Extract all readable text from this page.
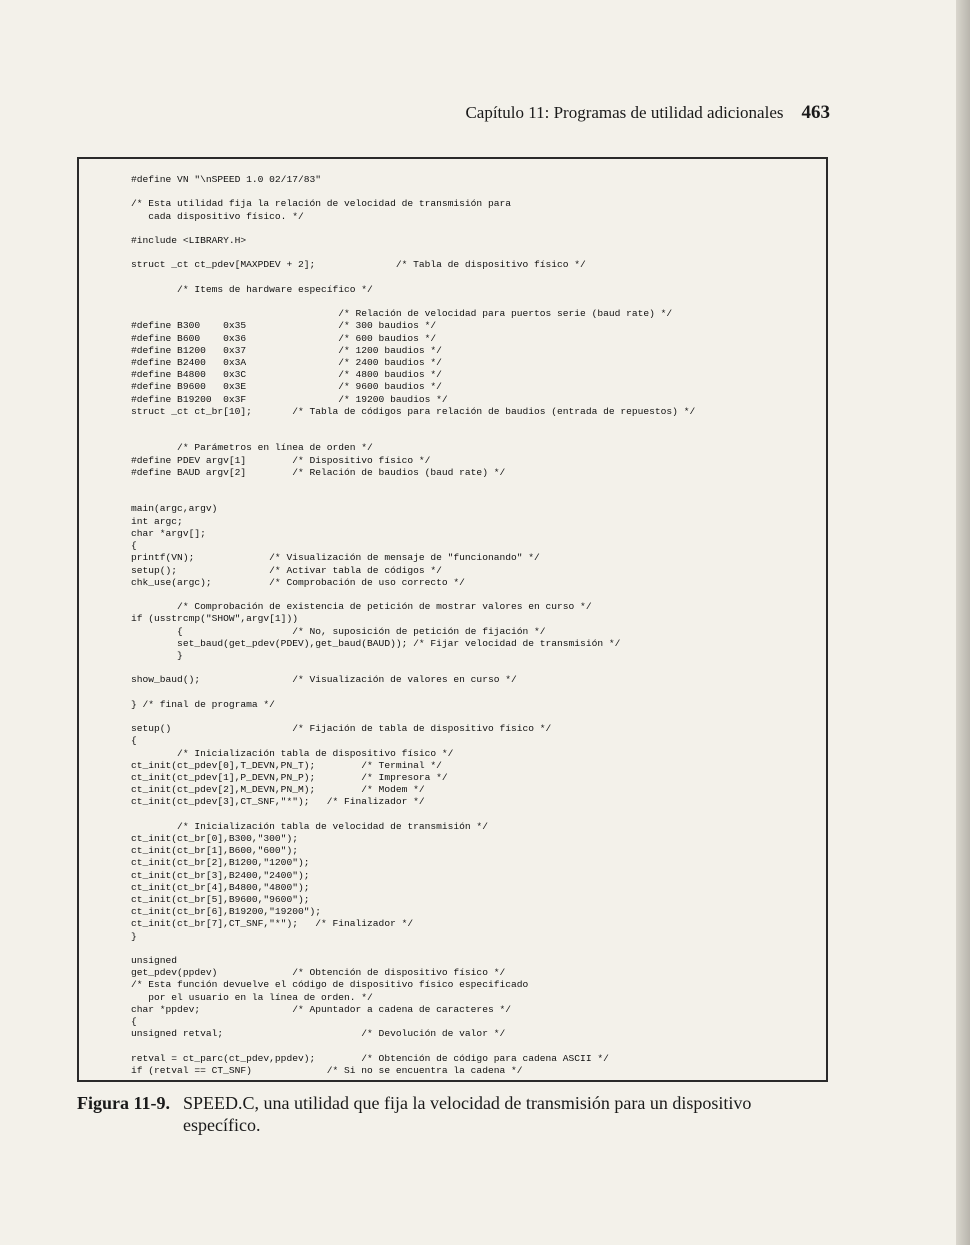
Capítulo 11: Programas de utilidad adicionales 463
#define VN "\nSPEED 1.0 02/17/83"

/* Esta utilidad fija la relación de velocidad de transmisión para
cada dispositivo físico. */

#include <LIBRARY.H>

struct _ct ct_pdev[MAXPDEV + 2];              /* Tabla de dispositivo físico */

/* Items de hardware específico */

/* Relación de velocidad para puertos serie (baud rate) */
#define B300    0x35                /* 300 baudios */
#define B600    0x36                /* 600 baudios */
#define B1200   0x37                /* 1200 baudios */
#define B2400   0x3A                /* 2400 baudios */
#define B4800   0x3C                /* 4800 baudios */
#define B9600   0x3E                /* 9600 baudios */
#define B19200  0x3F                /* 19200 baudios */
struct _ct ct_br[10];       /* Tabla de códigos para relación de baudios (entrada de repuestos) */

/* Parámetros en línea de orden */
#define PDEV argv[1]        /* Dispositivo físico */
#define BAUD argv[2]        /* Relación de baudios (baud rate) */

main(argc,argv)
int argc;
char *argv[];
{
printf(VN);             /* Visualización de mensaje de "funcionando" */
setup();                /* Activar tabla de códigos */
chk_use(argc);          /* Comprobación de uso correcto */

/* Comprobación de existencia de petición de mostrar valores en curso */
if (usstrcmp("SHOW",argv[1]))
{                   /* No, suposición de petición de fijación */
set_baud(get_pdev(PDEV),get_baud(BAUD)); /* Fijar velocidad de transmisión */
}

show_baud();                /* Visualización de valores en curso */

} /* final de programa */

setup()                     /* Fijación de tabla de dispositivo físico */
{
/* Inicialización tabla de dispositivo físico */
ct_init(ct_pdev[0],T_DEVN,PN_T);        /* Terminal */
ct_init(ct_pdev[1],P_DEVN,PN_P);        /* Impresora */
ct_init(ct_pdev[2],M_DEVN,PN_M);        /* Modem */
ct_init(ct_pdev[3],CT_SNF,"*");   /* Finalizador */

/* Inicialización tabla de velocidad de transmisión */
ct_init(ct_br[0],B300,"300");
ct_init(ct_br[1],B600,"600");
ct_init(ct_br[2],B1200,"1200");
ct_init(ct_br[3],B2400,"2400");
ct_init(ct_br[4],B4800,"4800");
ct_init(ct_br[5],B9600,"9600");
ct_init(ct_br[6],B19200,"19200");
ct_init(ct_br[7],CT_SNF,"*");   /* Finalizador */
}

unsigned
get_pdev(ppdev)             /* Obtención de dispositivo físico */
/* Esta función devuelve el código de dispositivo físico especificado
por el usuario en la línea de orden. */
char *ppdev;                /* Apuntador a cadena de caracteres */
{
unsigned retval;                        /* Devolución de valor */

retval = ct_parc(ct_pdev,ppdev);        /* Obtención de código para cadena ASCII */
if (retval == CT_SNF)             /* Si no se encuentra la cadena */

Figura 11-9. SPEED.C, una utilidad que fija la velocidad de transmisión para un dispositivo específico.
